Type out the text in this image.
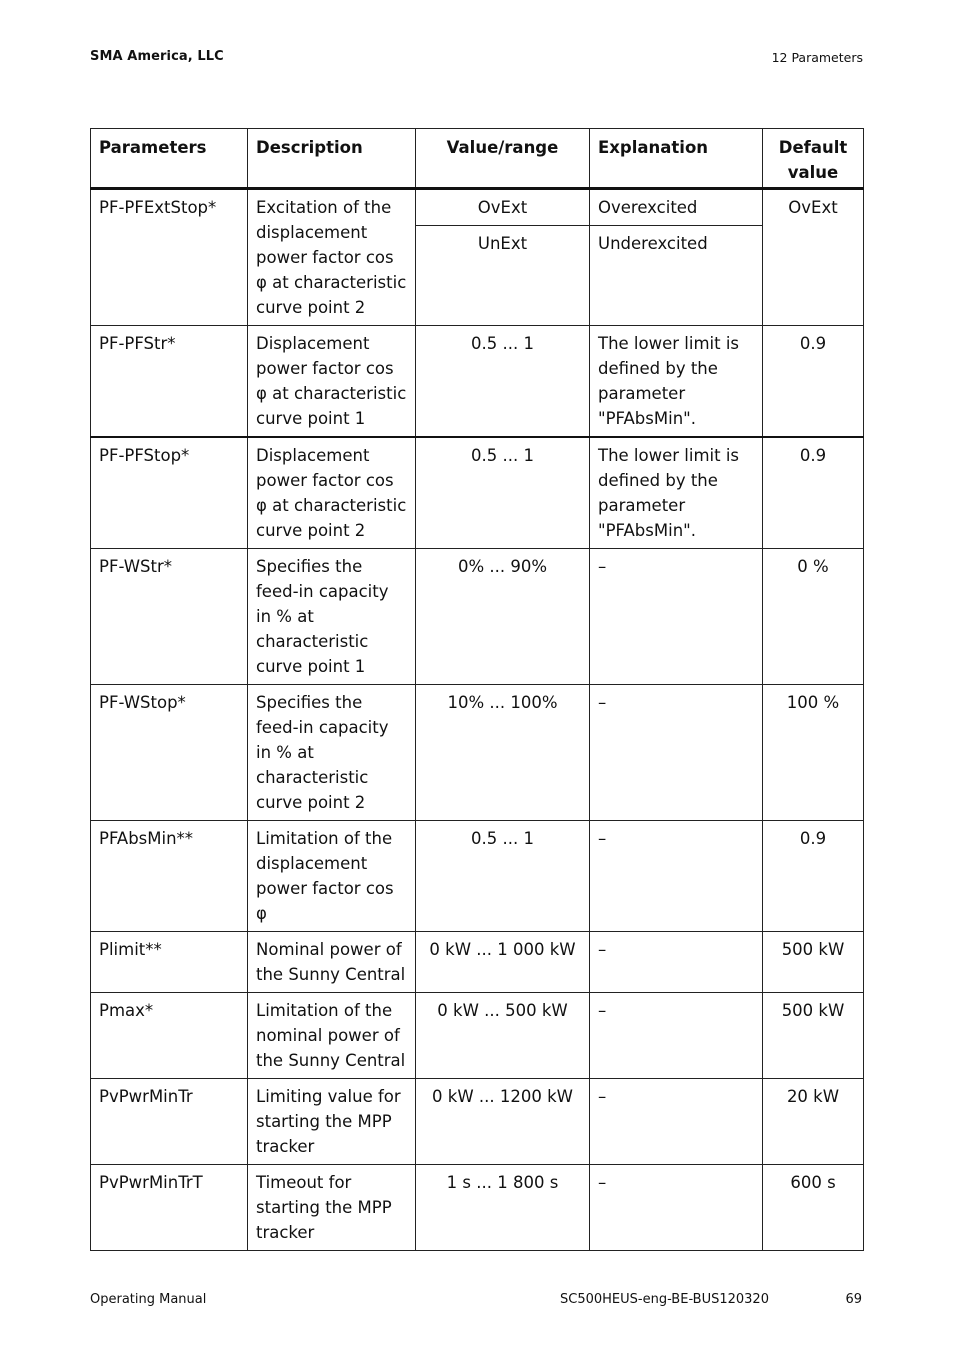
SMA America, LLC	12 Parameters
Parameters	Description	Value/range	Explanation	Default value
PF-PFExtStop*	Excitation of the displacement power factor cos φ at characteristic curve point 2	OvExt	Overexcited	OvExt
		UnExt	Underexcited	
PF-PFStr*	Displacement power factor cos φ at characteristic curve point 1	0.5 ... 1	The lower limit is defined by the parameter "PFAbsMin".	0.9
PF-PFStop*	Displacement power factor cos φ at characteristic curve point 2	0.5 ... 1	The lower limit is defined by the parameter "PFAbsMin".	0.9
PF-WStr*	Specifies the feed-in capacity in % at characteristic curve point 1	0% ... 90%	–	0 %
PF-WStop*	Specifies the feed-in capacity in % at characteristic curve point 2	10% ... 100%	–	100 %
PFAbsMin**	Limitation of the displacement power factor cos φ	0.5 ... 1	–	0.9
Plimit**	Nominal power of the Sunny Central	0 kW ... 1 000 kW	–	500 kW
Pmax*	Limitation of the nominal power of the Sunny Central	0 kW ... 500 kW	–	500 kW
PvPwrMinTr	Limiting value for starting the MPP tracker	0 kW ... 1200 kW	–	20 kW
PvPwrMinTrT	Timeout for starting the MPP tracker	1 s ... 1 800 s	–	600 s
Operating Manual	SC500HEUS-eng-BE-BUS120320	69
